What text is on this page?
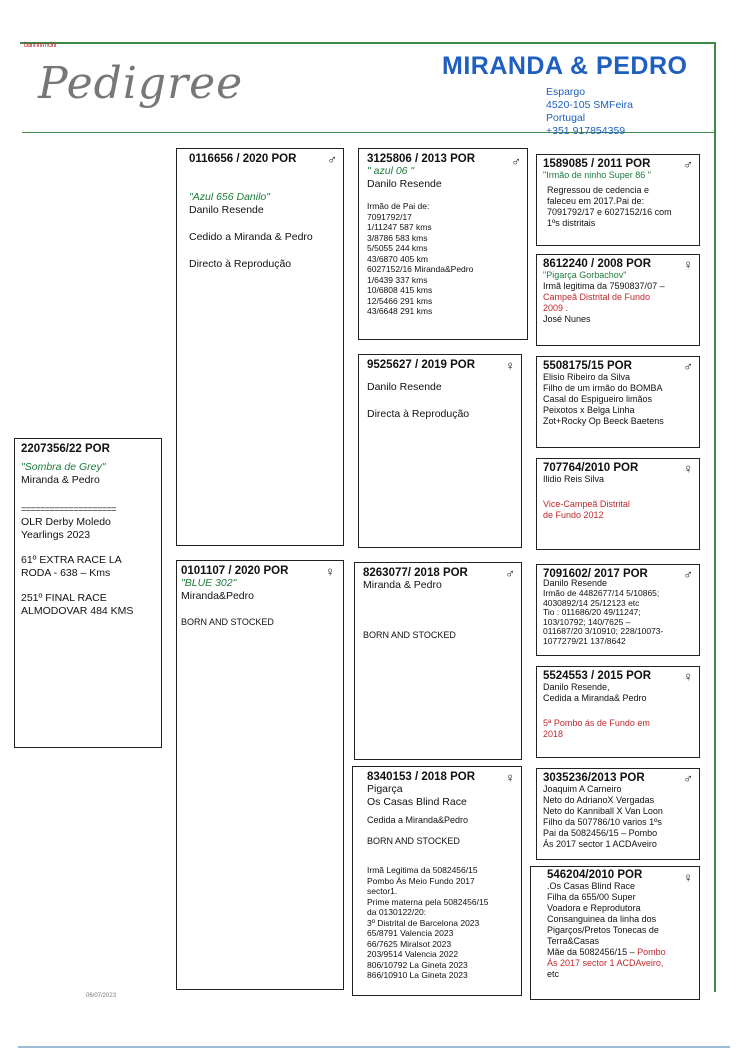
bannnrmdnr
Pedigree	MIRANDA & PEDRO
Espargo
4520-105 SMFeira
Portugal
+351 917854359
2207356/22 POR
"Sombra de Grey"
Miranda & Pedro
====================
OLR Derby Moledo
Yearlings 2023
61º EXTRA RACE LA
RODA - 638 – Kms
251º FINAL RACE
ALMODOVAR 484 KMS
0116656 / 2020 POR	♂
"Azul 656 Danilo"
Danilo Resende
Cedido a Miranda & Pedro
Directo à Reprodução
0101107 / 2020 POR	♀
"BLUE 302"
Miranda&Pedro
BORN AND STOCKED
3125806 / 2013 POR	♂
" azul 06 "
Danilo Resende
Irmão de Pai de:
7091792/17
1/11247 587 kms
3/8786 583 kms
5/5055 244 kms
43/6870 405 km
6027152/16 Miranda&Pedro
1/6439 337 kms
10/6808 415 kms
12/5466 291 kms
43/6648 291 kms
9525627 / 2019 POR	♀
Danilo Resende
Directa à Reprodução
8263077/ 2018 POR	♂
Miranda & Pedro
BORN AND STOCKED
8340153 / 2018 POR	♀
Pigarça
Os Casas Blind Race
Cedida a Miranda&Pedro
BORN AND STOCKED
Irmã Legitima da 5082456/15
Pombo Ás Meio Fundo 2017
sector1.
Prime materna pela 5082456/15
da 0130122/20:
3º Distrital de Barcelona 2023
65/8791 Valencia 2023
66/7625 Miralsot 2023
203/9514 Valencia 2022
806/10792 La Gineta 2023
866/10910 La Gineta 2023
1589085 / 2011 POR	♂
"Irmão de ninho Super 86 "
Regressou de cedencia e
faleceu em 2017.Pai de:
7091792/17 e 6027152/16 com
1ºs distritais
8612240 / 2008 POR	♀
"Pigarça Gorbachov"
Irmã legitima da 7590837/07 –
Campeã Distrital de Fundo
2009 .
José Nunes
5508175/15 POR	♂
Elisio Ribeiro da Silva
Filho de um irmão do BOMBA
Casal do Espigueiro limãos
Peixotos x Belga Linha
Zot+Rocky Op Beeck Baetens
707764/2010 POR	♀
Ilidio Reis Silva
Vice-Campeã Distrital
de Fundo 2012
7091602/ 2017 POR	♂
Danilo Resende
Irmão de 4482677/14 5/10865;
4030892/14 25/12123 etc
Tio : 011686/20 49/11247;
103/10792; 140/7625 –
011687/20 3/10910; 228/10073-
1077279/21 137/8642
5524553 / 2015 POR	♀
Danilo Resende,
Cedida a Miranda& Pedro
5ª Pombo ás de Fundo em
2018
3035236/2013 POR	♂
Joaquim A Carneiro
Neto do AdrianoX Vergadas
Neto do Kanniball X Van Loon
Filho da 507786/10 varios 1ºs
Pai da 5082456/15 – Pombo
Ás 2017 sector 1 ACDAveiro
546204/2010 POR	♀
.Os Casas Blind Race
Filha da 655/00 Super
Voadora e Reprodutora
Consanguinea da linha dos
Pigarços/Pretos Tonecas de
Terra&Casas
Mãe da 5082456/15 – Pombo
Ás 2017 sector 1 ACDAveiro,
etc
06/07/2023
